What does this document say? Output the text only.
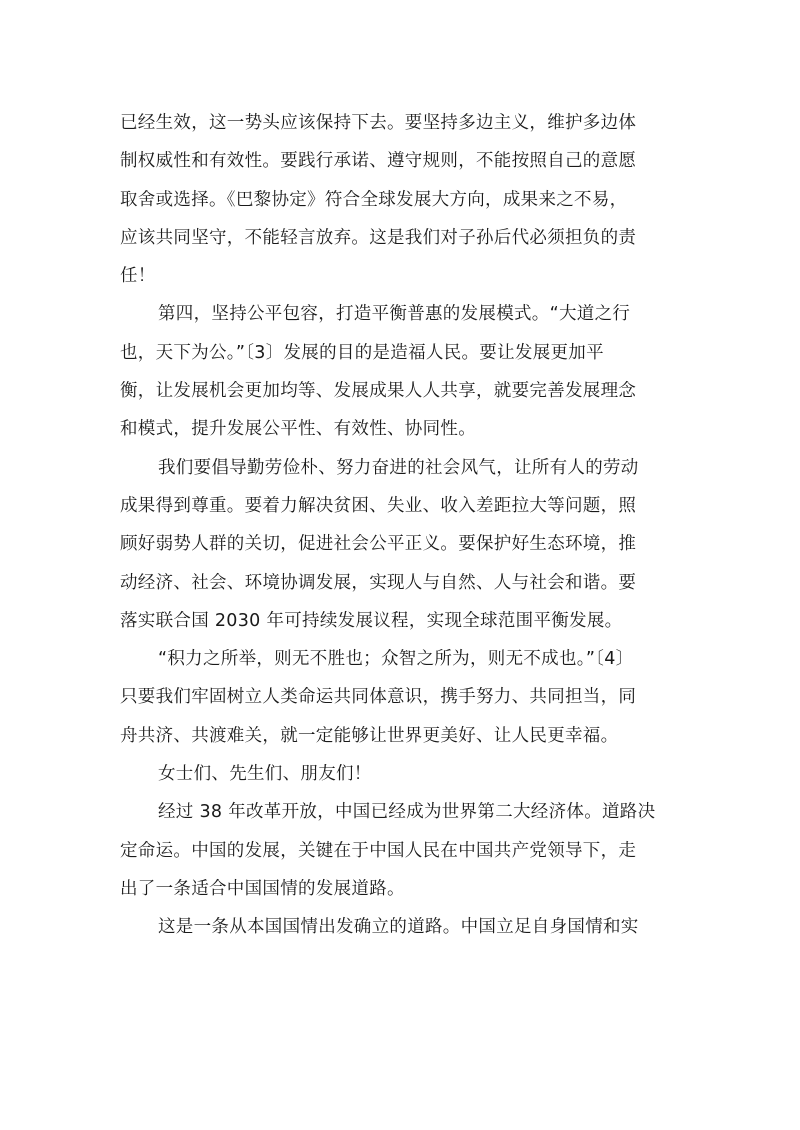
已经生效，这一势头应该保持下去。要坚持多边主义，维护多边体
制权威性和有效性。要践行承诺、遵守规则，不能按照自己的意愿
取舍或选择。《巴黎协定》符合全球发展大方向，成果来之不易，
应该共同坚守，不能轻言放弃。这是我们对子孙后代必须担负的责
任！
第四，坚持公平包容，打造平衡普惠的发展模式。“大道之行
也，天下为公。”〔3〕发展的目的是造福人民。要让发展更加平
衡，让发展机会更加均等、发展成果人人共享，就要完善发展理念
和模式，提升发展公平性、有效性、协同性。
我们要倡导勤劳俭朴、努力奋进的社会风气，让所有人的劳动
成果得到尊重。要着力解决贫困、失业、收入差距拉大等问题，照
顾好弱势人群的关切，促进社会公平正义。要保护好生态环境，推
动经济、社会、环境协调发展，实现人与自然、人与社会和谐。要
落实联合国 2030 年可持续发展议程，实现全球范围平衡发展。
“积力之所举，则无不胜也；众智之所为，则无不成也。”〔4〕
只要我们牢固树立人类命运共同体意识，携手努力、共同担当，同
舟共济、共渡难关，就一定能够让世界更美好、让人民更幸福。
女士们、先生们、朋友们！
经过 38 年改革开放，中国已经成为世界第二大经济体。道路决
定命运。中国的发展，关键在于中国人民在中国共产党领导下，走
出了一条适合中国国情的发展道路。
这是一条从本国国情出发确立的道路。中国立足自身国情和实
